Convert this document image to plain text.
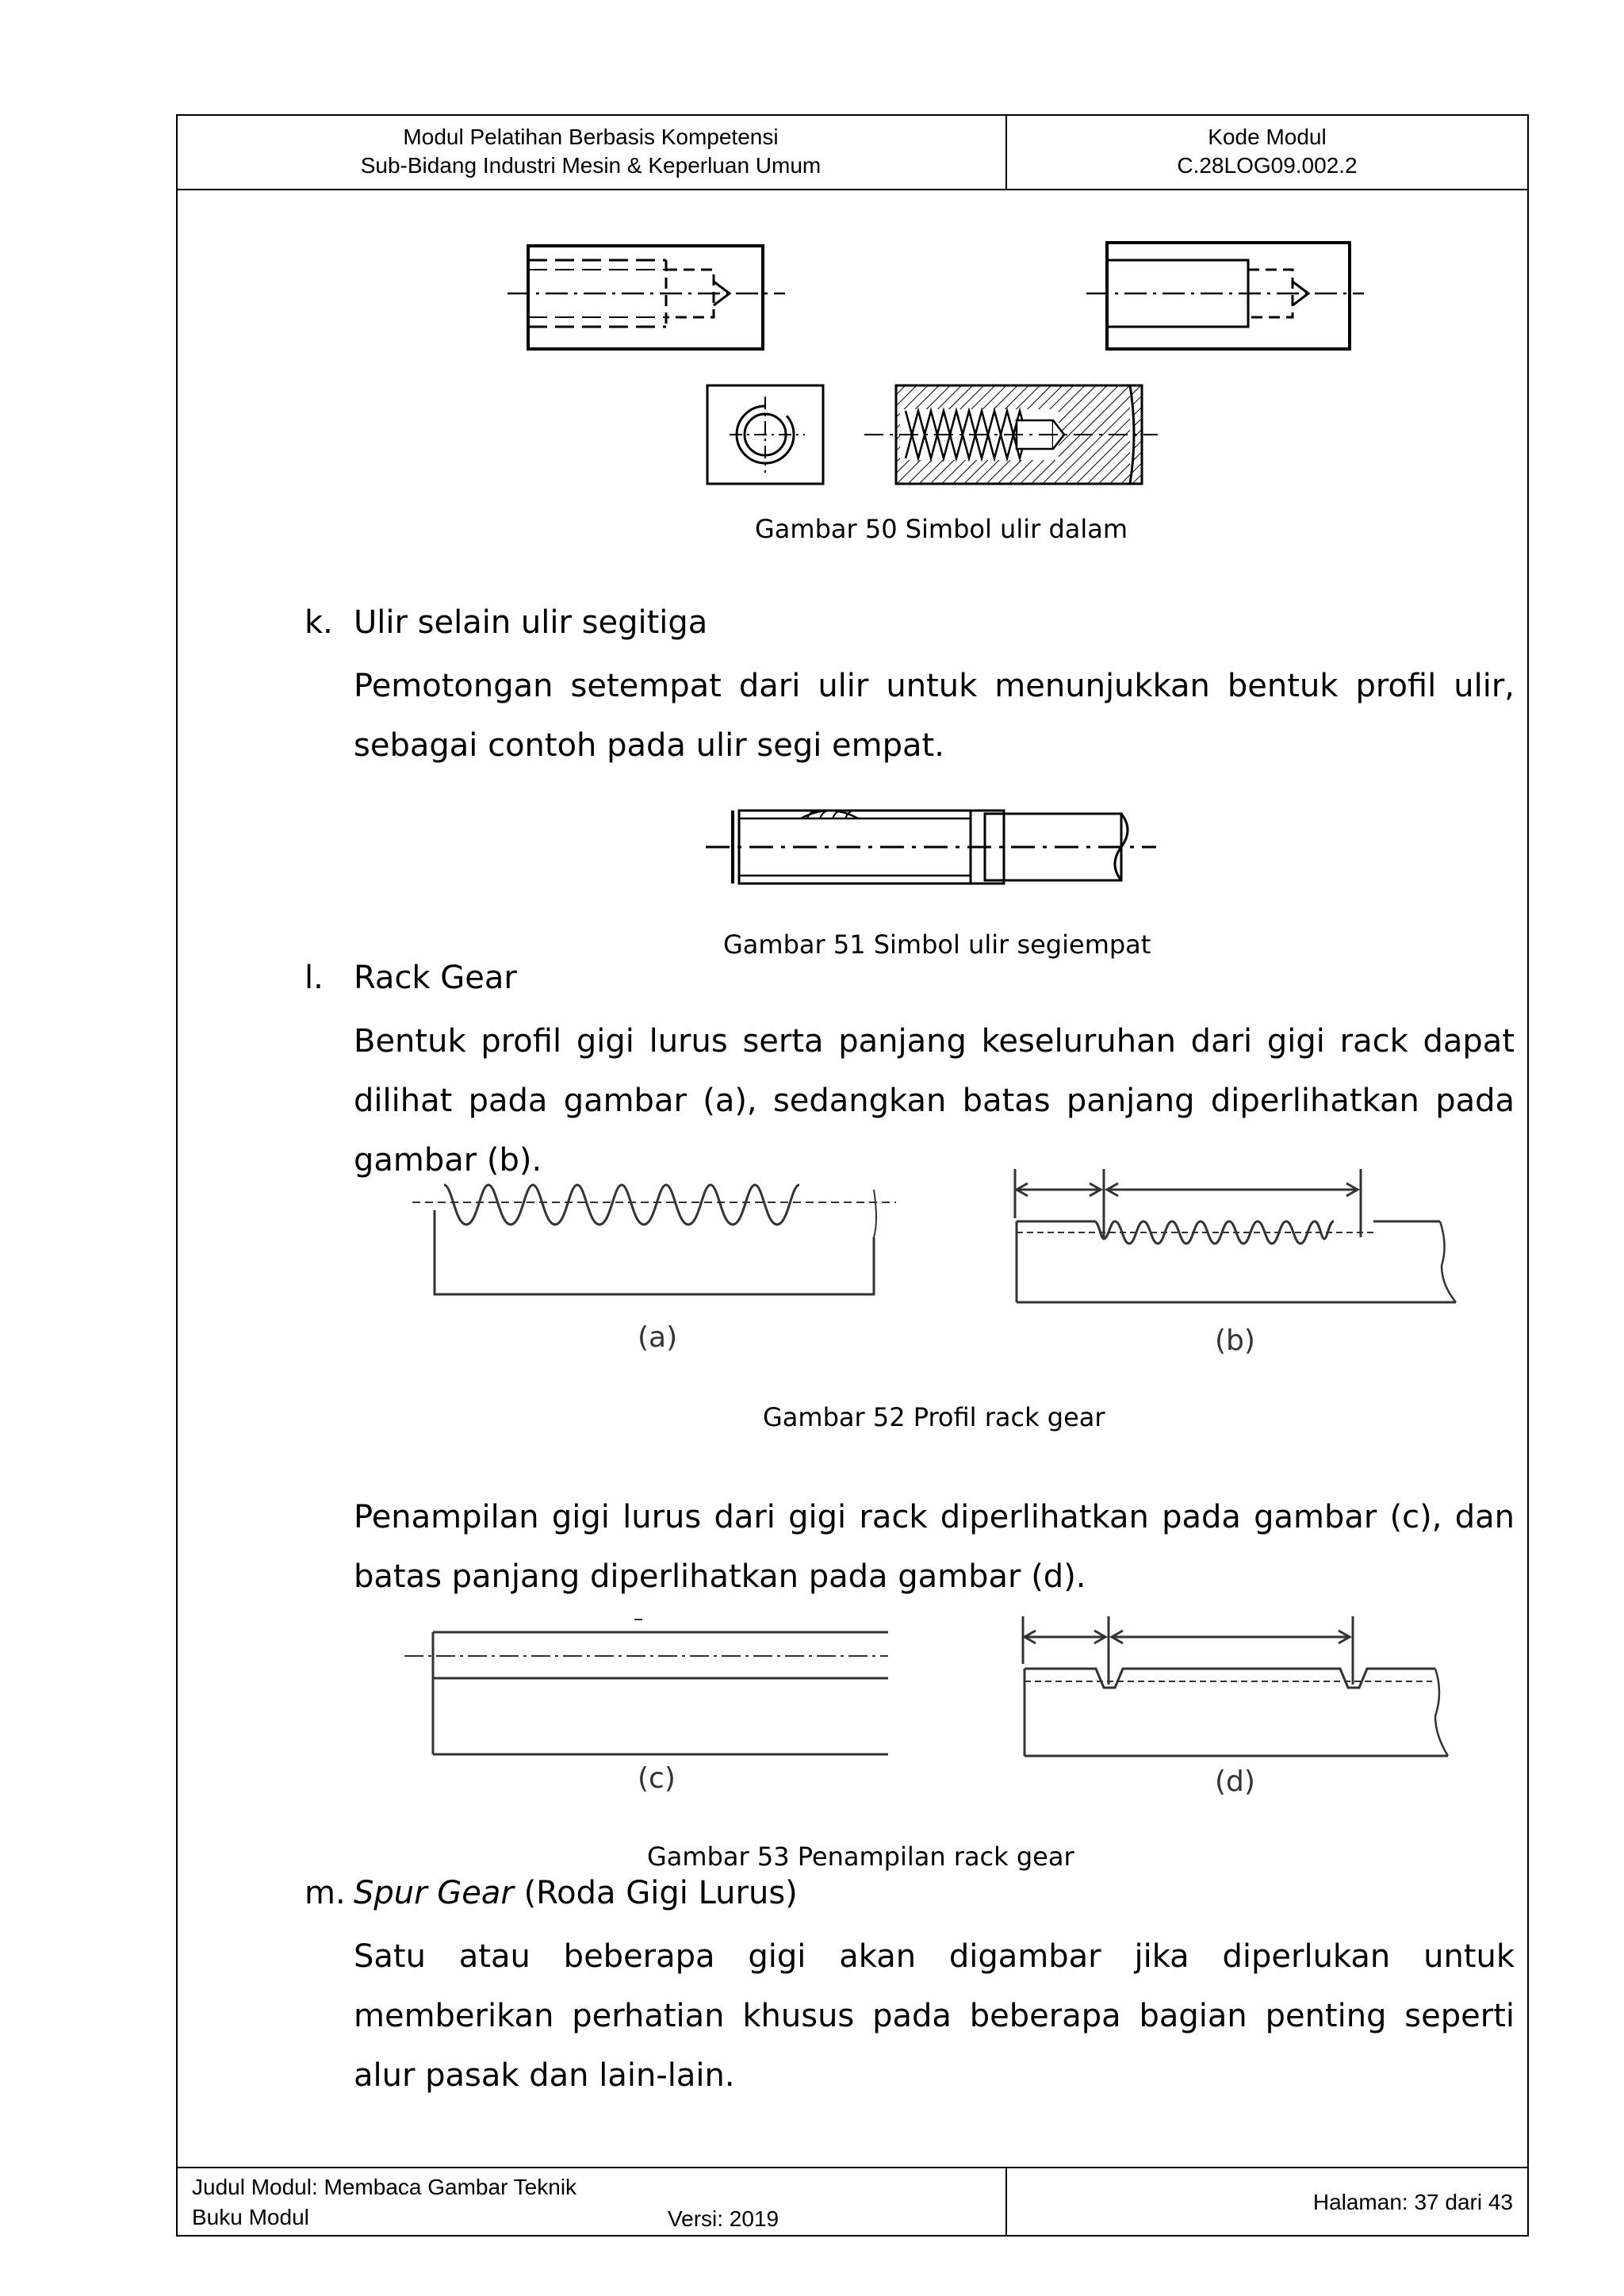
Modul Pelatihan Berbasis Kompetensi
Sub-Bidang Industri Mesin & Keperluan Umum
Kode Modul
C.28LOG09.002.2
Gambar 50 Simbol ulir dalam
k. Ulir selain ulir segitiga
Pemotongan setempat dari ulir untuk menunjukkan bentuk profil ulir, sebagai contoh pada ulir segi empat.
Gambar 51 Simbol ulir segiempat
l. Rack Gear
Bentuk profil gigi lurus serta panjang keseluruhan dari gigi rack dapat dilihat pada gambar (a), sedangkan batas panjang diperlihatkan pada gambar (b).
(a)	(b)
Gambar 52 Profil rack gear
Penampilan gigi lurus dari gigi rack diperlihatkan pada gambar (c), dan batas panjang diperlihatkan pada gambar (d).
(c)	(d)
Gambar 53 Penampilan rack gear
m. Spur Gear (Roda Gigi Lurus)
Satu atau beberapa gigi akan digambar jika diperlukan untuk memberikan perhatian khusus pada beberapa bagian penting seperti alur pasak dan lain-lain.
Judul Modul: Membaca Gambar Teknik
Buku Modul	Versi: 2019
Halaman: 37 dari 43
